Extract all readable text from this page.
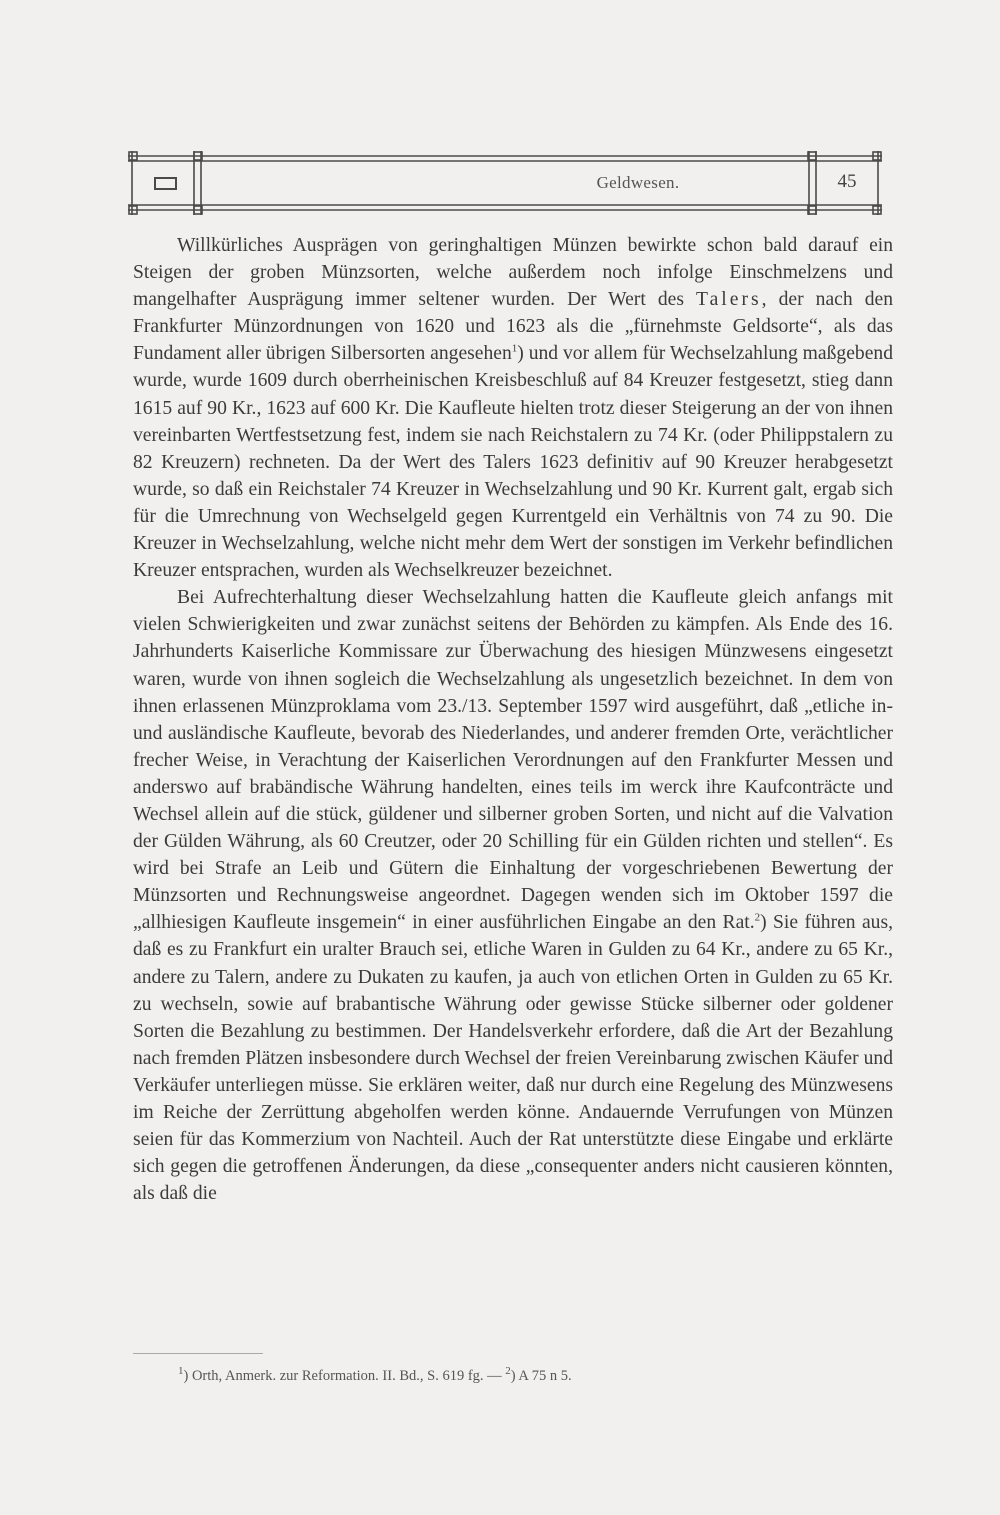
Geldwesen.	45

Willkürliches Ausprägen von geringhaltigen Münzen bewirkte schon bald darauf ein Steigen der groben Münzsorten, welche außerdem noch infolge Einschmelzens und mangelhafter Ausprägung immer seltener wurden. Der Wert des Talers, der nach den Frankfurter Münzordnungen von 1620 und 1623 als die „fürnehmste Geldsorte“, als das Fundament aller übrigen Silbersorten angesehen$^1$) und vor allem für Wechselzahlung maßgebend wurde, wurde 1609 durch oberrheinischen Kreisbeschluß auf 84 Kreuzer festgesetzt, stieg dann 1615 auf 90 Kr., 1623 auf 600 Kr. Die Kaufleute hielten trotz dieser Steigerung an der von ihnen vereinbarten Wertfestsetzung fest, indem sie nach Reichstalern zu 74 Kr. (oder Philippstalern zu 82 Kreuzern) rechneten. Da der Wert des Talers 1623 definitiv auf 90 Kreuzer herabgesetzt wurde, so daß ein Reichstaler 74 Kreuzer in Wechselzahlung und 90 Kr. Kurrent galt, ergab sich für die Umrechnung von Wechselgeld gegen Kurrentgeld ein Verhältnis von 74 zu 90. Die Kreuzer in Wechselzahlung, welche nicht mehr dem Wert der sonstigen im Verkehr befindlichen Kreuzer entsprachen, wurden als Wechselkreuzer bezeichnet.

Bei Aufrechterhaltung dieser Wechselzahlung hatten die Kaufleute gleich anfangs mit vielen Schwierigkeiten und zwar zunächst seitens der Behörden zu kämpfen. Als Ende des 16. Jahrhunderts Kaiserliche Kommissare zur Überwachung des hiesigen Münzwesens eingesetzt waren, wurde von ihnen sogleich die Wechselzahlung als ungesetzlich bezeichnet. In dem von ihnen erlassenen Münzproklama vom 23./13. September 1597 wird ausgeführt, daß „etliche in- und ausländische Kaufleute, bevorab des Niederlandes, und anderer fremden Orte, verächtlicher frecher Weise, in Verachtung der Kaiserlichen Verordnungen auf den Frankfurter Messen und anderswo auf brabändische Währung handelten, eines teils im werck ihre Kaufconträcte und Wechsel allein auf die stück, güldener und silberner groben Sorten, und nicht auf die Valvation der Gülden Währung, als 60 Creutzer, oder 20 Schilling für ein Gülden richten und stellen“. Es wird bei Strafe an Leib und Gütern die Einhaltung der vorgeschriebenen Bewertung der Münzsorten und Rechnungsweise angeordnet. Dagegen wenden sich im Oktober 1597 die „allhiesigen Kaufleute insgemein“ in einer ausführlichen Eingabe an den Rat.$^2$) Sie führen aus, daß es zu Frankfurt ein uralter Brauch sei, etliche Waren in Gulden zu 64 Kr., andere zu 65 Kr., andere zu Talern, andere zu Dukaten zu kaufen, ja auch von etlichen Orten in Gulden zu 65 Kr. zu wechseln, sowie auf brabantische Währung oder gewisse Stücke silberner oder goldener Sorten die Bezahlung zu bestimmen. Der Handelsverkehr erfordere, daß die Art der Bezahlung nach fremden Plätzen insbesondere durch Wechsel der freien Vereinbarung zwischen Käufer und Verkäufer unterliegen müsse. Sie erklären weiter, daß nur durch eine Regelung des Münzwesens im Reiche der Zerrüttung abgeholfen werden könne. Andauernde Verrufungen von Münzen seien für das Kommerzium von Nachteil. Auch der Rat unterstützte diese Eingabe und erklärte sich gegen die getroffenen Änderungen, da diese „consequenter anders nicht causieren könnten, als daß die

$^1$) Orth, Anmerk. zur Reformation. II. Bd., S. 619 fg. — $^2$) A 75 n 5.
